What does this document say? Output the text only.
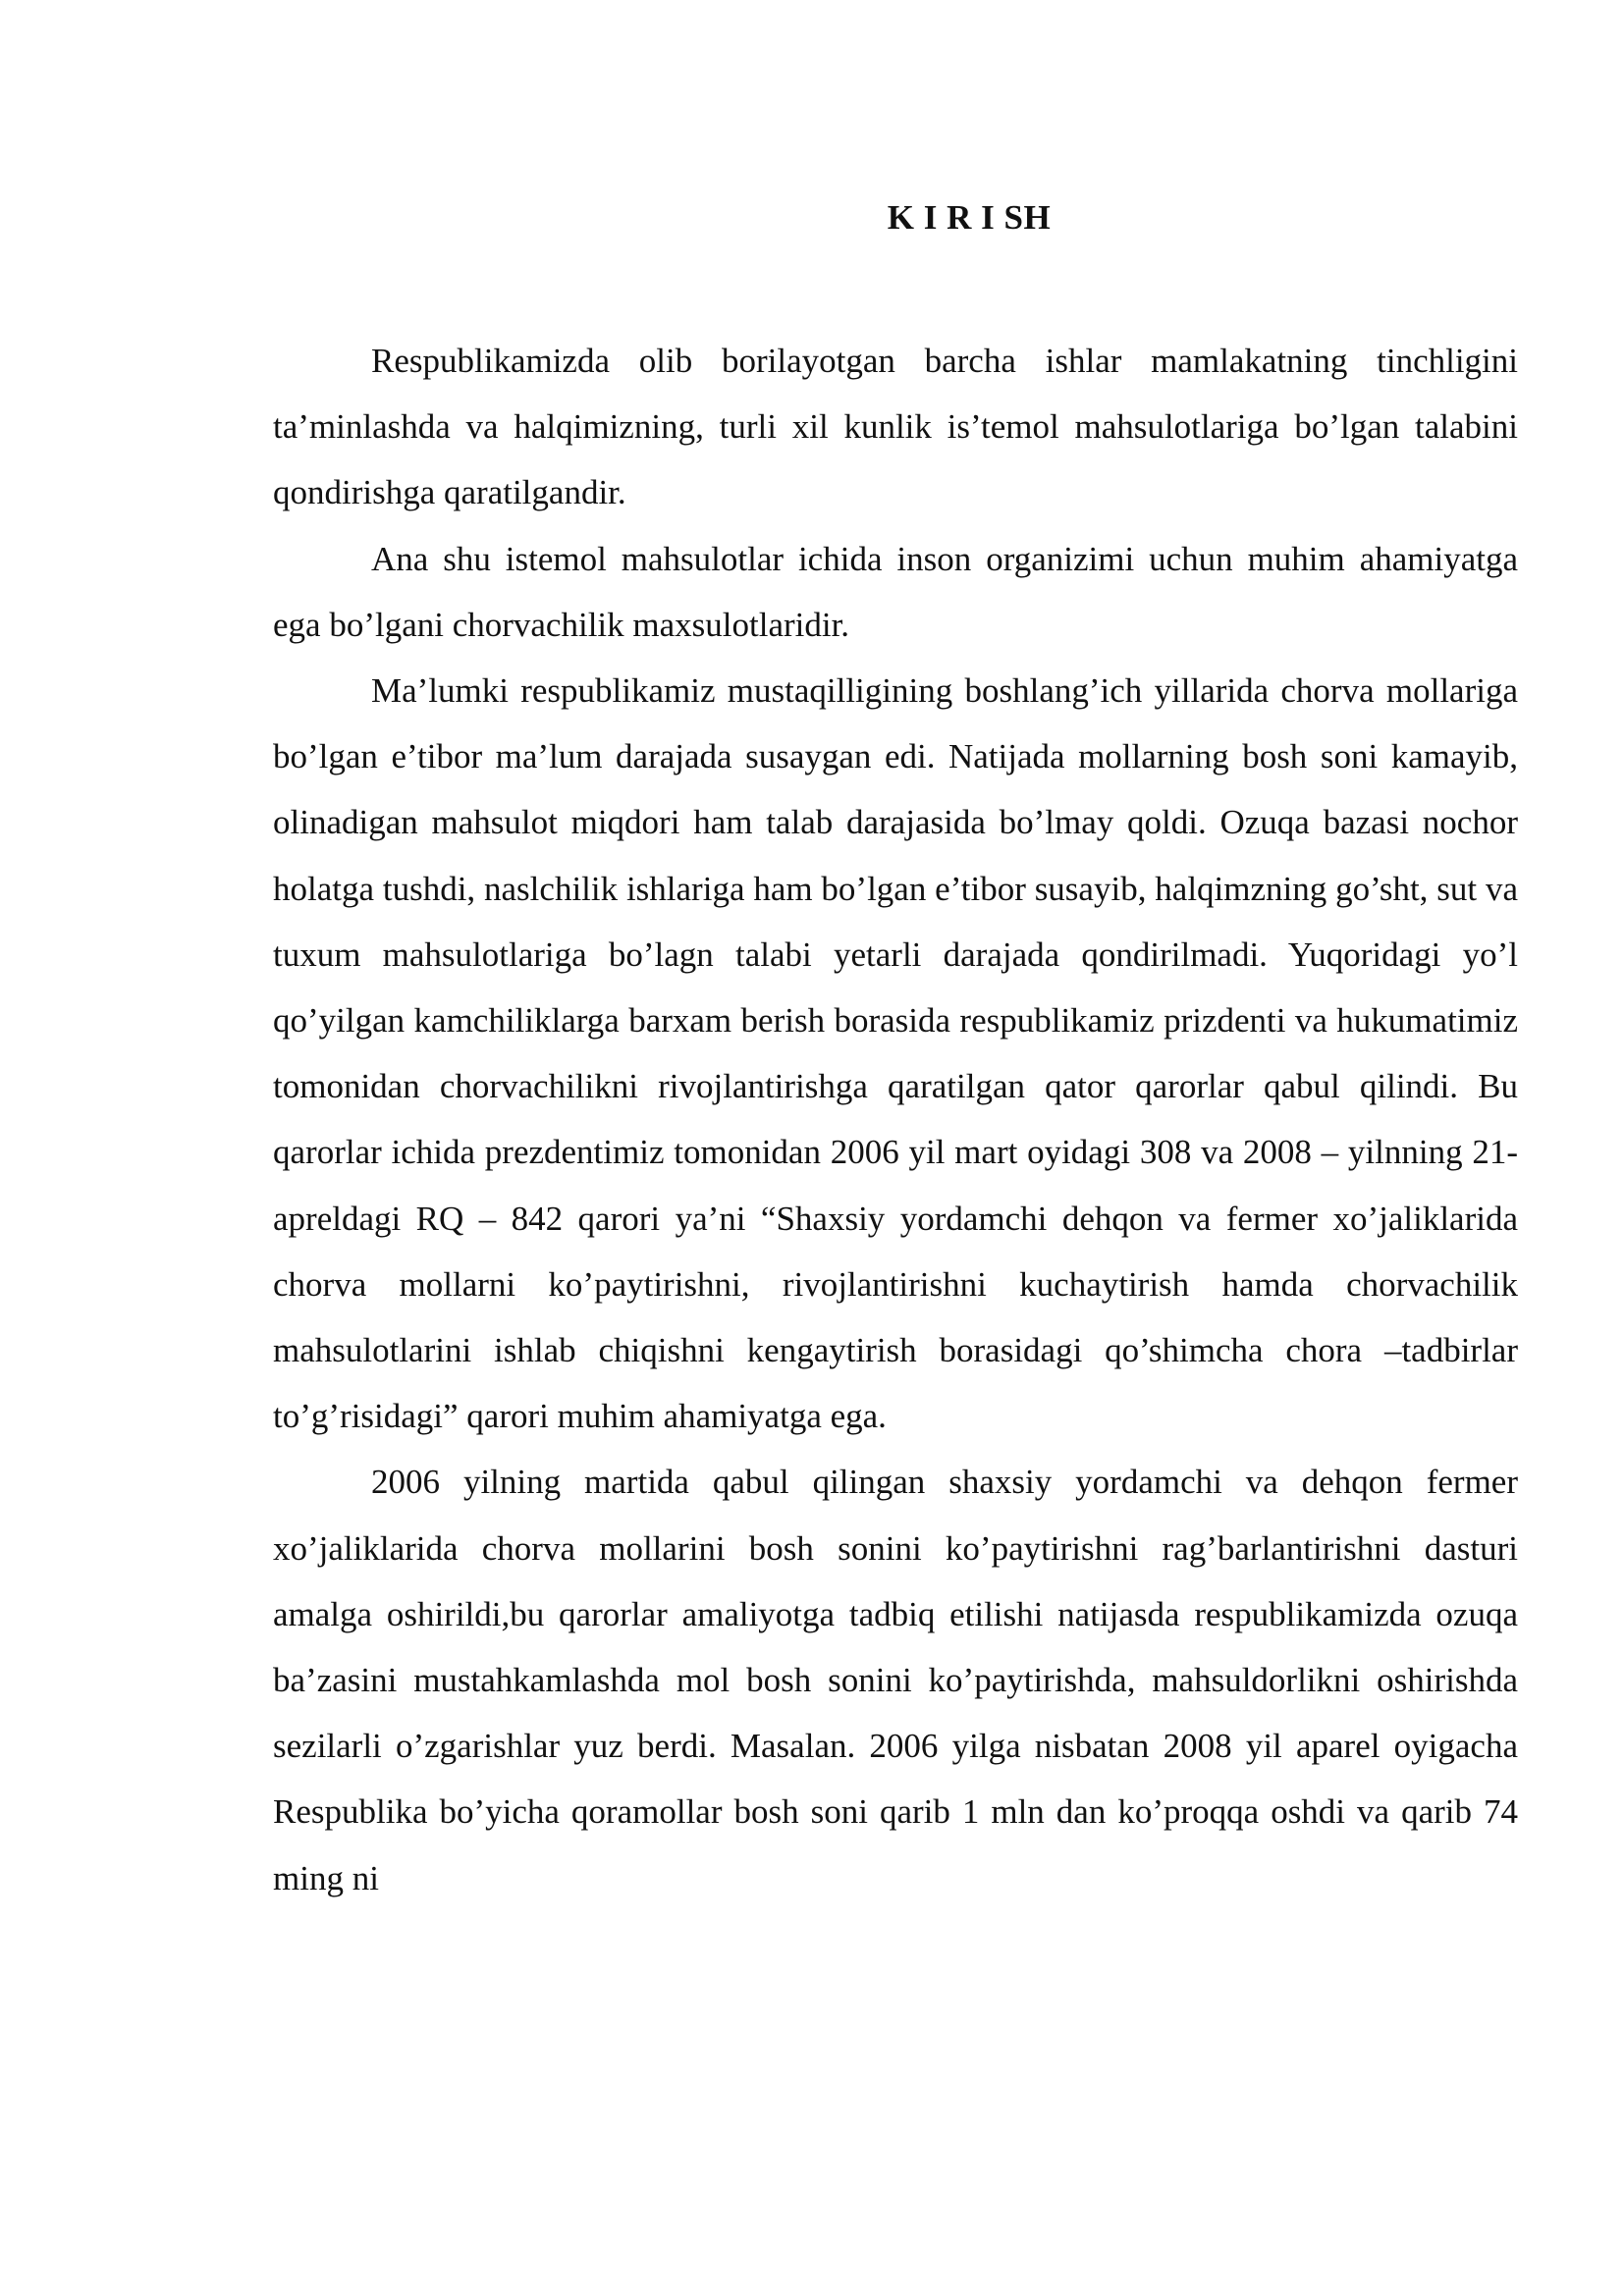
K I R I SH

Respublikamizda olib borilayotgan barcha ishlar mamlakatning tinchligini ta’minlashda va halqimizning, turli xil kunlik is’temol mahsulotlariga bo’lgan talabini qondirishga qaratilgandir.

Ana shu istemol mahsulotlar ichida inson organizimi uchun muhim ahamiyatga ega bo’lgani chorvachilik maxsulotlaridir.

Ma’lumki respublikamiz mustaqilligining boshlang’ich yillarida chorva mollariga bo’lgan e’tibor ma’lum darajada susaygan edi. Natijada mollarning bosh soni kamayib, olinadigan mahsulot miqdori ham talab darajasida bo’lmay qoldi. Ozuqa bazasi nochor holatga tushdi, naslchilik ishlariga ham bo’lgan e’tibor susayib, halqimzning go’sht, sut va tuxum mahsulotlariga bo’lagn talabi yetarli darajada qondirilmadi. Yuqoridagi yo’l qo’yilgan kamchiliklarga barxam berish borasida respublikamiz prizdenti va hukumatimiz tomonidan chorvachilikni rivojlantirishga qaratilgan qator qarorlar qabul qilindi. Bu qarorlar ichida prezdentimiz tomonidan 2006 yil mart oyidagi 308 va 2008 – yilnning 21- apreldagi RQ – 842 qarori ya’ni “Shaxsiy yordamchi dehqon va fermer xo’jaliklarida chorva mollarni ko’paytirishni, rivojlantirishni kuchaytirish hamda chorvachilik mahsulotlarini ishlab chiqishni kengaytirish borasidagi qo’shimcha chora –tadbirlar to’g’risidagi” qarori muhim ahamiyatga ega.

2006 yilning martida qabul qilingan shaxsiy yordamchi va dehqon fermer xo’jaliklarida chorva mollarini bosh sonini ko’paytirishni rag’barlantirishni dasturi amalga oshirildi,bu qarorlar amaliyotga tadbiq etilishi natijasda respublikamizda ozuqa ba’zasini mustahkamlashda mol bosh sonini ko’paytirishda, mahsuldorlikni oshirishda sezilarli o’zgarishlar yuz berdi. Masalan. 2006 yilga nisbatan 2008 yil aparel oyigacha Respublika bo’yicha qoramollar bosh soni qarib 1 mln dan ko’proqqa oshdi va qarib 74 ming ni
